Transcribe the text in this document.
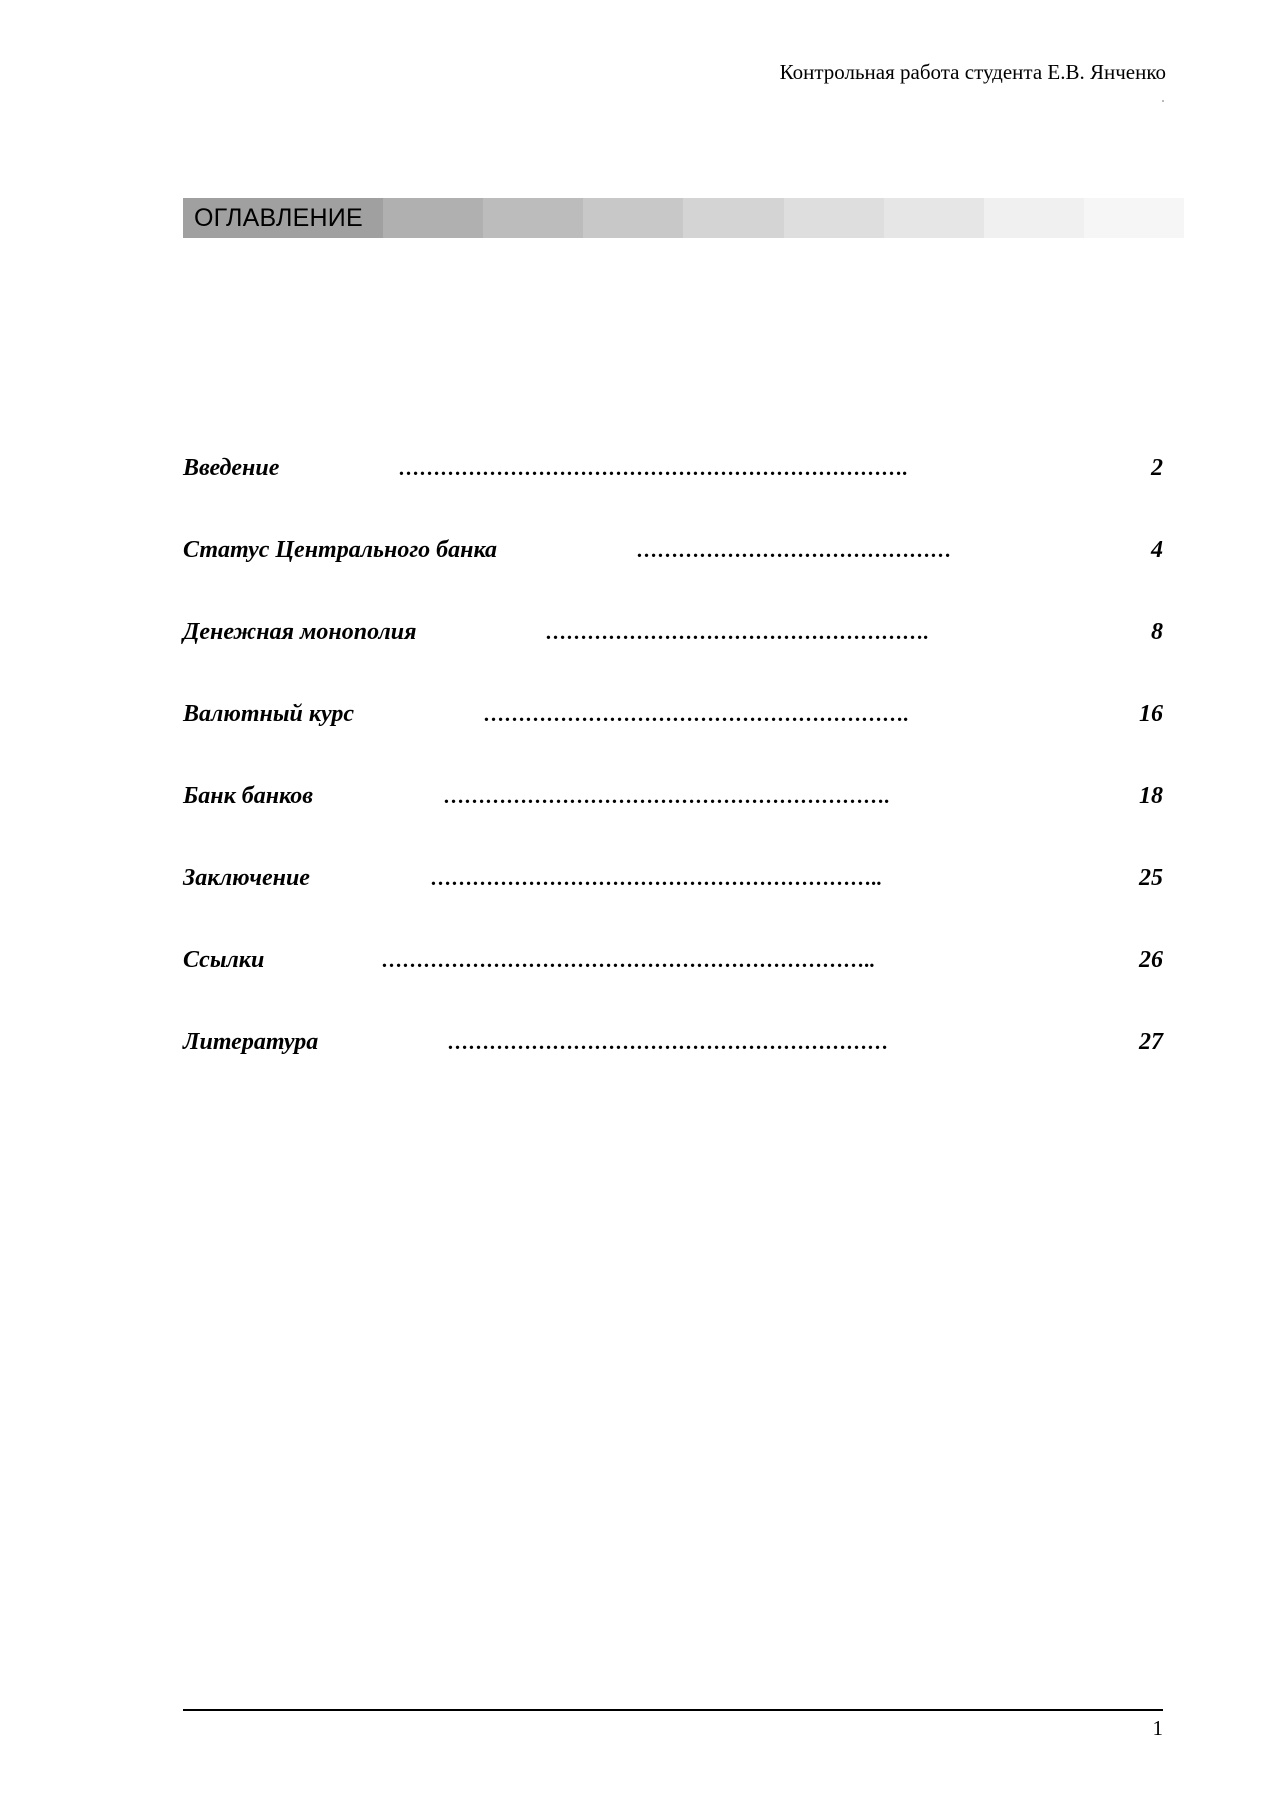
Контрольная работа студента Е.В. Янченко
ОГЛАВЛЕНИЕ
Введение	……………………………………………………………….	2
Статус Центрального банка	………………………………………	4
Денежная монополия	……………………………………………….	8
Валютный курс	…………………………………………………….	16
Банк банков	……………………………………………………….	18
Заключение	………………………………………………………..	25
Ссылки	……………………………………………………………..	26
Литература	………………………………………………………	27
1
